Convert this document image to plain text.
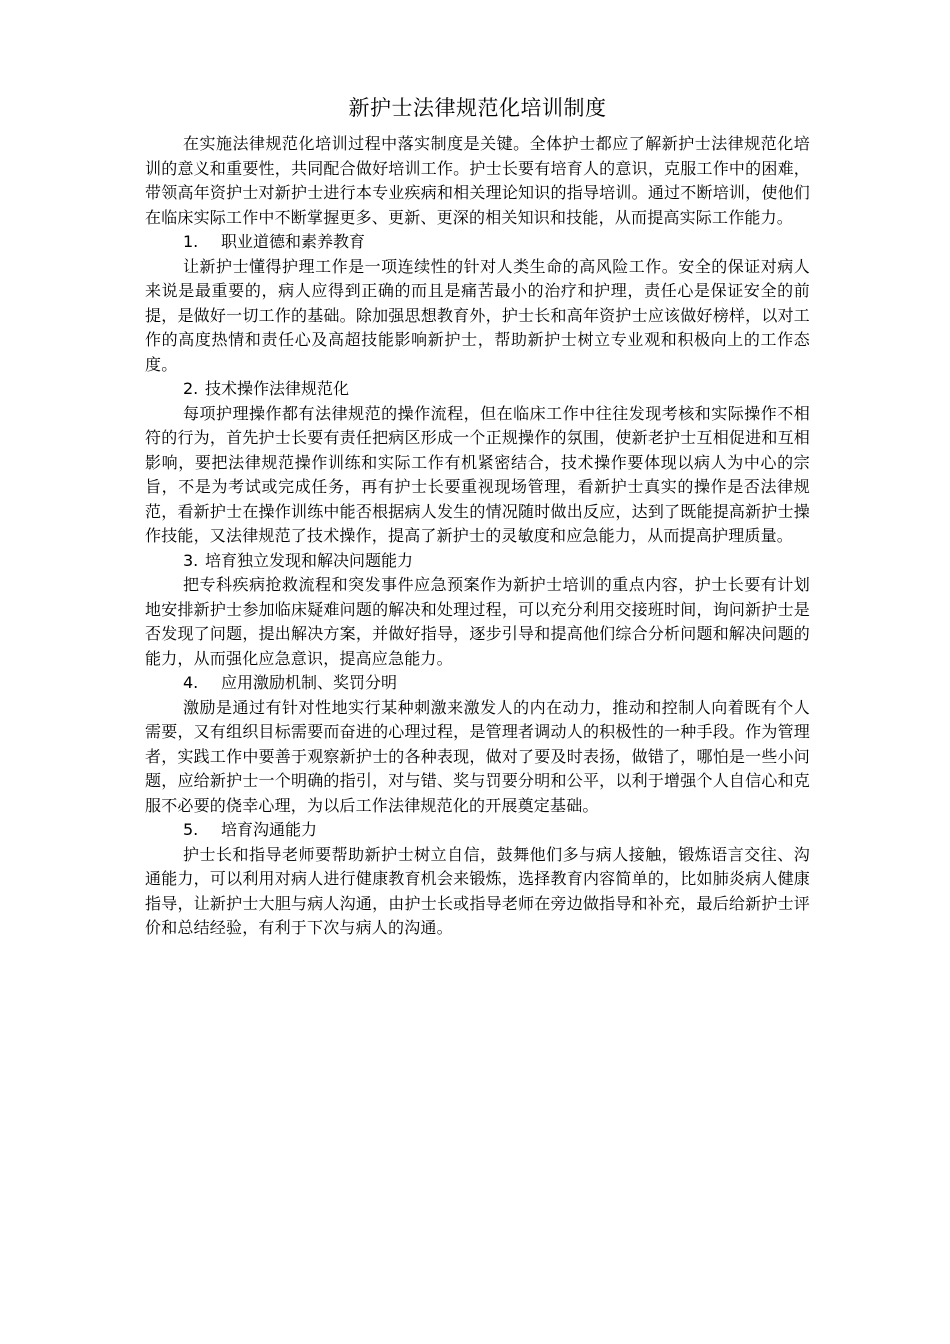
新护士法律规范化培训制度

在实施法律规范化培训过程中落实制度是关键。全体护士都应了解新护士法律规范化培训的意义和重要性，共同配合做好培训工作。护士长要有培育人的意识，克服工作中的困难，带领高年资护士对新护士进行本专业疾病和相关理论知识的指导培训。通过不断培训，使他们在临床实际工作中不断掌握更多、更新、更深的相关知识和技能，从而提高实际工作能力。

1.	职业道德和素养教育

让新护士懂得护理工作是一项连续性的针对人类生命的高风险工作。安全的保证对病人来说是最重要的，病人应得到正确的而且是痛苦最小的治疗和护理，责任心是保证安全的前提，是做好一切工作的基础。除加强思想教育外，护士长和高年资护士应该做好榜样，以对工作的高度热情和责任心及高超技能影响新护士，帮助新护士树立专业观和积极向上的工作态度。

2. 技术操作法律规范化

每项护理操作都有法律规范的操作流程，但在临床工作中往往发现考核和实际操作不相符的行为，首先护士长要有责任把病区形成一个正规操作的氛围，使新老护士互相促进和互相影响，要把法律规范操作训练和实际工作有机紧密结合，技术操作要体现以病人为中心的宗旨，不是为考试或完成任务，再有护士长要重视现场管理，看新护士真实的操作是否法律规范，看新护士在操作训练中能否根据病人发生的情况随时做出反应，达到了既能提高新护士操作技能，又法律规范了技术操作，提高了新护士的灵敏度和应急能力，从而提高护理质量。

3. 培育独立发现和解决问题能力

把专科疾病抢救流程和突发事件应急预案作为新护士培训的重点内容，护士长要有计划地安排新护士参加临床疑难问题的解决和处理过程，可以充分利用交接班时间，询问新护士是否发现了问题，提出解决方案，并做好指导，逐步引导和提高他们综合分析问题和解决问题的能力，从而强化应急意识，提高应急能力。

4.	应用激励机制、奖罚分明

激励是通过有针对性地实行某种刺激来激发人的内在动力，推动和控制人向着既有个人需要，又有组织目标需要而奋进的心理过程，是管理者调动人的积极性的一种手段。作为管理者，实践工作中要善于观察新护士的各种表现，做对了要及时表扬，做错了，哪怕是一些小问题，应给新护士一个明确的指引，对与错、奖与罚要分明和公平，以利于增强个人自信心和克服不必要的侥幸心理，为以后工作法律规范化的开展奠定基础。

5.	培育沟通能力

护士长和指导老师要帮助新护士树立自信，鼓舞他们多与病人接触，锻炼语言交往、沟通能力，可以利用对病人进行健康教育机会来锻炼，选择教育内容简单的，比如肺炎病人健康指导，让新护士大胆与病人沟通，由护士长或指导老师在旁边做指导和补充，最后给新护士评价和总结经验，有利于下次与病人的沟通。
